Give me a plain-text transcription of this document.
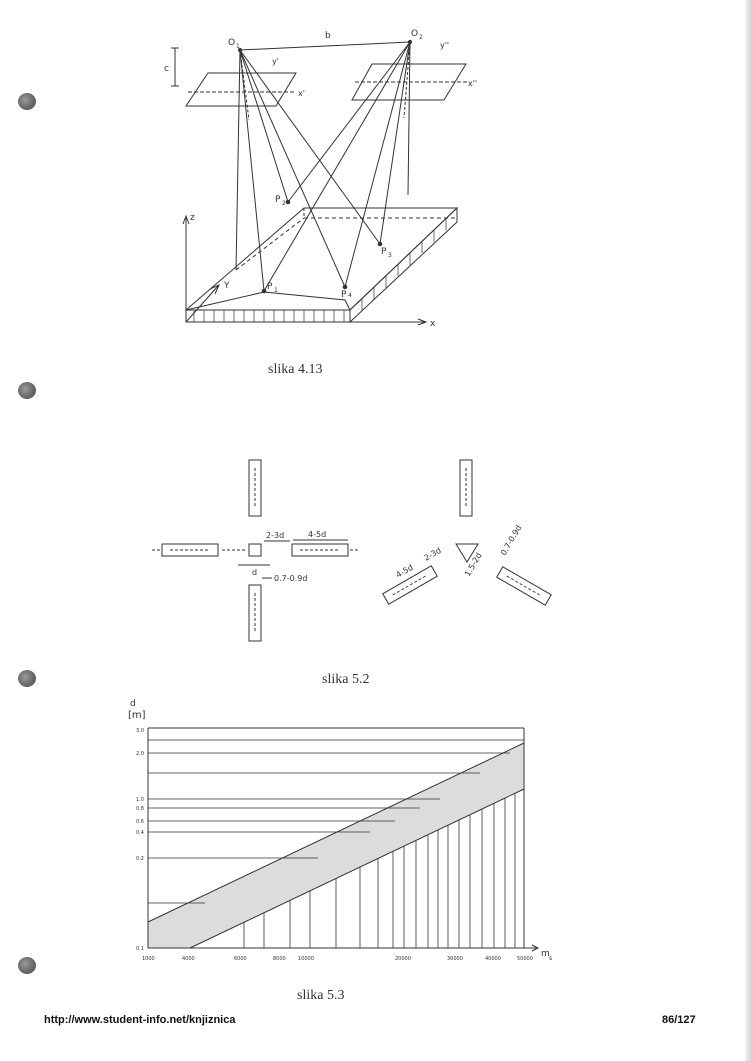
O 1
O 2
b
c
y'
x'
y''
x''
P 1
P 2
P 3
P 4
z
Y
x
slika 4.13
2-3d	4-5d
d
0.7-0.9d	4-5d
2-3d	1.5-2d
0.7-0.9d
slika 5.2
d
[m]
m s
3.0
2.0
1.0
0.8
0.6
0.4
0.2
0.1
1000	4000	6000	8000 10000	20000	30000	40000	50000
slika 5.3
http://www.student-info.net/knjiznica	86/127
